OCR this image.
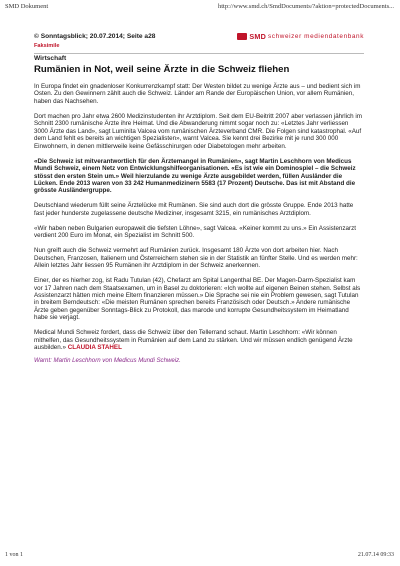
SMD Dokument	http://www.smd.ch/SmdDocuments/?aktion=protectedDocuments...
© Sonntagsblick; 20.07.2014; Seite a28	SMD schweizer mediendatenbank
Faksimile
Wirtschaft
Rumänien in Not, weil seine Ärzte in die Schweiz fliehen

In Europa findet ein gnadenloser Konkurrenzkampf statt: Der Westen bildet zu wenige Ärzte aus – und bedient sich im Osten. Zu den Gewinnern zählt auch die Schweiz. Länder am Rande der Europäischen Union, vor allem Rumänien, haben das Nachsehen.

Dort machen pro Jahr etwa 2600 Medizinstudenten ihr Arztdiplom. Seit dem EU-Beitritt 2007 aber verlassen jährlich im Schnitt 2300 rumänische Ärzte ihre Heimat. Und die Abwanderung nimmt sogar noch zu: «Letztes Jahr verliessen 3000 Ärzte das Land», sagt Luminita Valcea vom rumänischen Ärzteverband CMR. Die Folgen sind katastrophal. «Auf dem Land fehlt es bereits an wichtigen Spezialisten», warnt Valcea. Sie kennt drei Bezirke mit je rund 300 000 Einwohnern, in denen mittlerweile keine Gefässchirurgen oder Diabetologen mehr arbeiten.

«Die Schweiz ist mitverantwortlich für den Ärztemangel in Rumänien», sagt Martin Leschhorn von Medicus Mundi Schweiz, einem Netz von Entwicklungshilfeorganisationen. «Es ist wie ein Dominospiel – die Schweiz stösst den ersten Stein um.» Weil hierzulande zu wenige Ärzte ausgebildet werden, füllen Ausländer die Lücken. Ende 2013 waren von 33 242 Humanmedizinern 5583 (17 Prozent) Deutsche. Das ist mit Abstand die grösste Ausländergruppe.

Deutschland wiederum füllt seine Ärztelücke mit Rumänen. Sie sind auch dort die grösste Gruppe. Ende 2013 hatte fast jeder hunderste zugelassene deutsche Mediziner, insgesamt 3215, ein rumänisches Arztdiplom.

«Wir haben neben Bulgarien europaweit die tiefsten Löhne», sagt Valcea. «Keiner kommt zu uns.» Ein Assistenzarzt verdient 200 Euro im Monat, ein Spezialist im Schnitt 500.

Nun greift auch die Schweiz vermehrt auf Rumänien zurück. Insgesamt 180 Ärzte von dort arbeiten hier. Nach Deutschen, Franzosen, Italienern und Österreichern stehen sie in der Statistik an fünfter Stelle. Und es werden mehr: Allein letztes Jahr liessen 95 Rumänen ihr Arztdiplom in der Schweiz anerkennen.

Einer, der es hierher zog, ist Radu Tutulan (42), Chefarzt am Spital Langenthal BE. Der Magen-Darm-Spezialist kam vor 17 Jahren nach dem Staatsexamen, um in Basel zu doktorieren: «Ich wollte auf eigenen Beinen stehen. Selbst als Assistenzarzt hätten mich meine Eltern finanzieren müssen.» Die Sprache sei nie ein Problem gewesen, sagt Tutulan in breitem Berndeutsch: «Die meisten Rumänen sprechen bereits Französisch oder Deutsch.» Andere rumänische Ärzte geben gegenüber Sonntags-Blick zu Protokoll, das marode und korrupte Gesundheitssystem im Heimatland habe sie verjagt.

Medical Mundi Schweiz fordert, dass die Schweiz über den Tellerrand schaut. Martin Leschhorn: «Wir können mithelfen, das Gesundheitssystem in Rumänien auf dem Land zu stärken. Und wir müssen endlich genügend Ärzte ausbilden.» CLAUDIA STAHEL

Warnt: Martin Leschhorn von Medicus Mundi Schweiz.
1 von 1	21.07.14 09:33
